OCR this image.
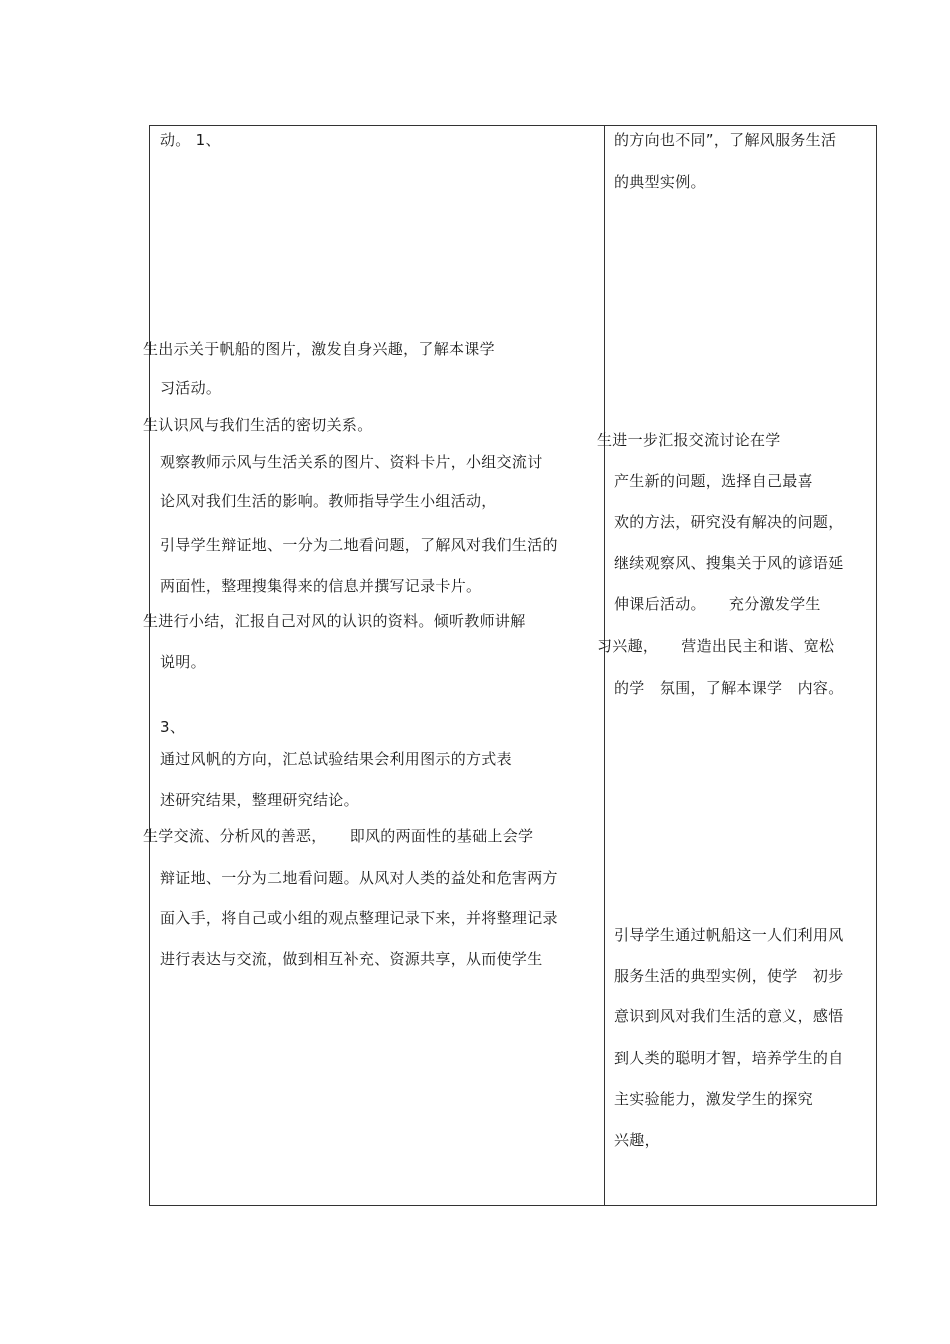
动。 1、
生出示关于帆船的图片，激发自身兴趣，了解本课学
习活动。
生认识风与我们生活的密切关系。
观察教师示风与生活关系的图片、资料卡片，小组交流讨
论风对我们生活的影响。教师指导学生小组活动，
引导学生辩证地、一分为二地看问题，了解风对我们生活的
两面性，整理搜集得来的信息并撰写记录卡片。
生进行小结，汇报自己对风的认识的资料。倾听教师讲解
说明。
3、
通过风帆的方向，汇总试验结果会利用图示的方式表
述研究结果，整理研究结论。
生学交流、分析风的善恶，　　即风的两面性的基础上会学
辩证地、一分为二地看问题。从风对人类的益处和危害两方
面入手，将自己或小组的观点整理记录下来，并将整理记录
进行表达与交流，做到相互补充、资源共享，从而使学生
的方向也不同”，了解风服务生活
的典型实例。
生进一步汇报交流讨论在学
产生新的问题，选择自己最喜
欢的方法，研究没有解决的问题，
继续观察风、搜集关于风的谚语延
伸课后活动。　　充分激发学生
习兴趣，　　营造出民主和谐、宽松
的学　氛围，了解本课学　内容。
引导学生通过帆船这一人们利用风
服务生活的典型实例，使学　初步
意识到风对我们生活的意义，感悟
到人类的聪明才智，培养学生的自
主实验能力，激发学生的探究
兴趣，
